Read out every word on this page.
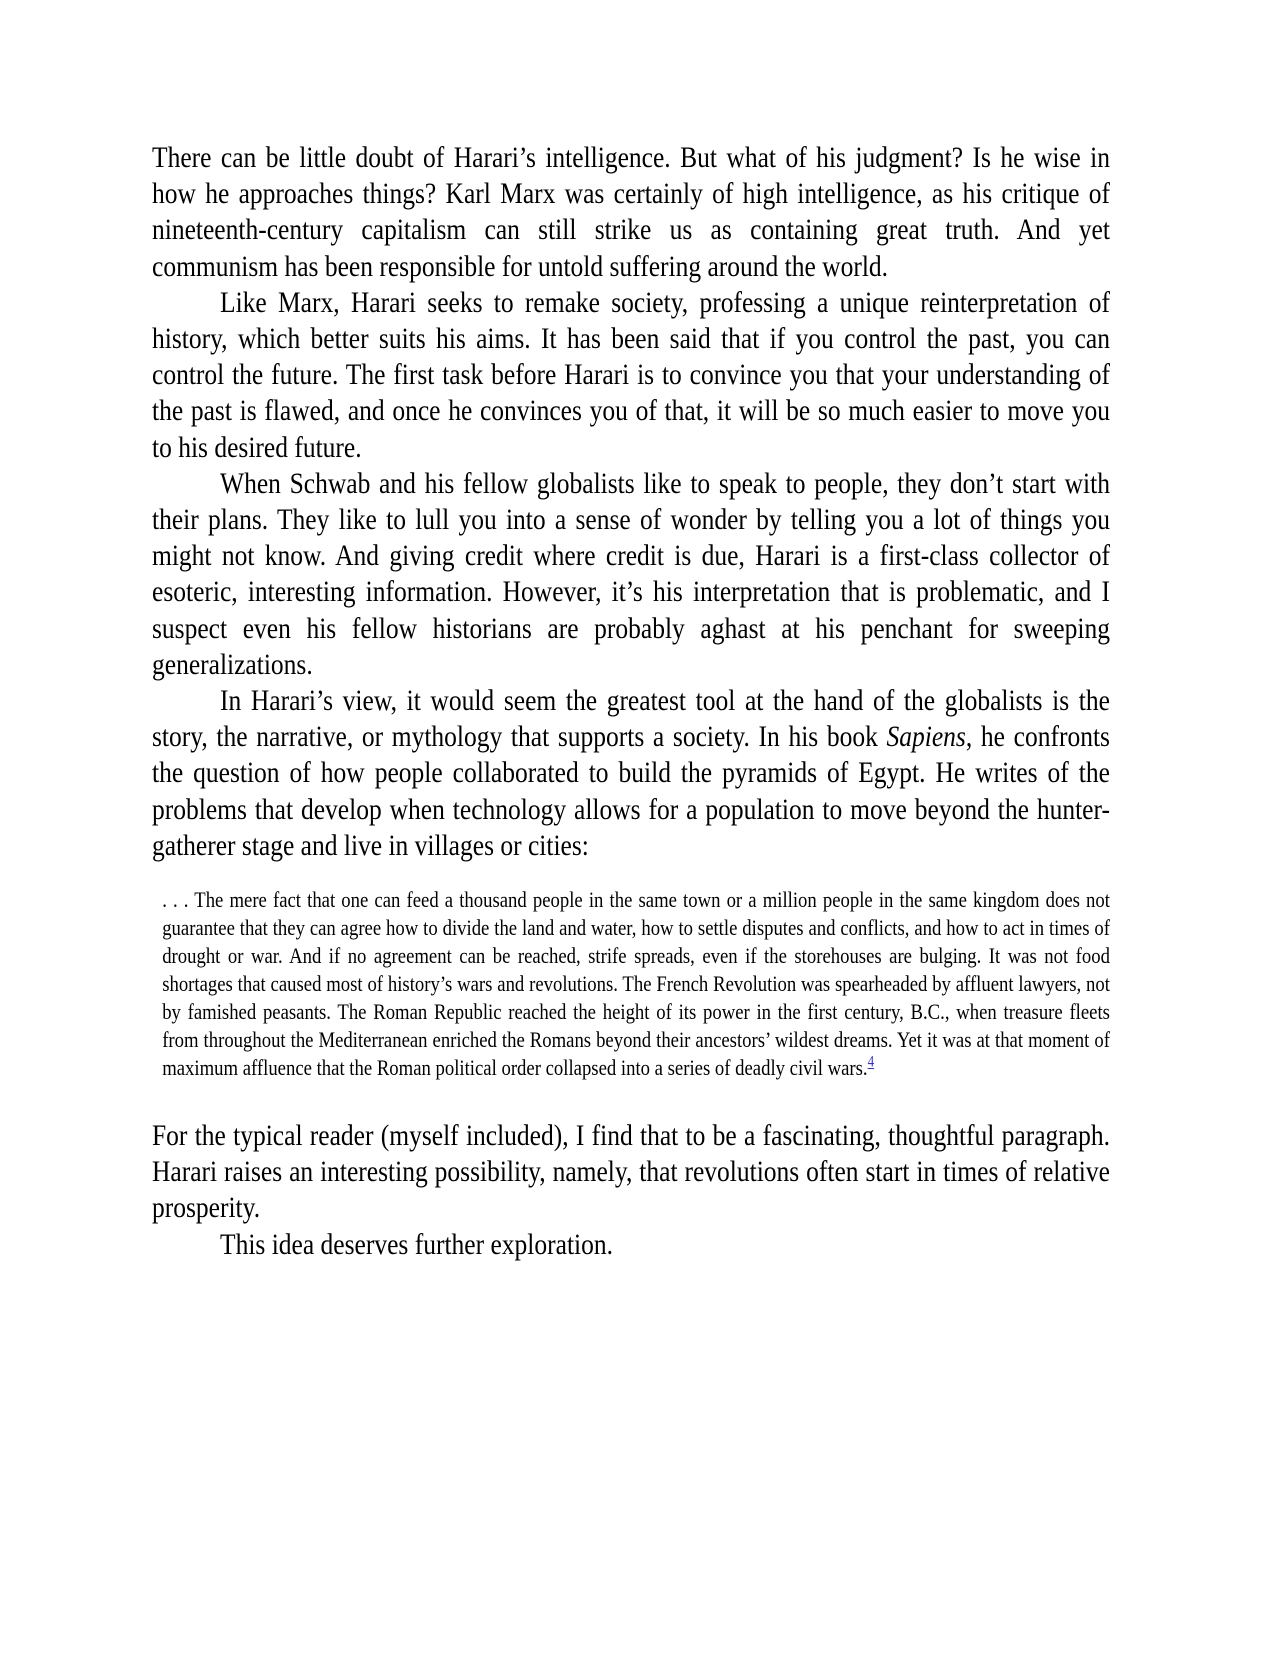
There can be little doubt of Harari’s intelligence. But what of his judgment? Is he wise in how he approaches things? Karl Marx was certainly of high intelligence, as his critique of nineteenth-century capitalism can still strike us as containing great truth. And yet communism has been responsible for untold suffering around the world.

Like Marx, Harari seeks to remake society, professing a unique reinterpretation of history, which better suits his aims. It has been said that if you control the past, you can control the future. The first task before Harari is to convince you that your understanding of the past is flawed, and once he convinces you of that, it will be so much easier to move you to his desired future.

When Schwab and his fellow globalists like to speak to people, they don’t start with their plans. They like to lull you into a sense of wonder by telling you a lot of things you might not know. And giving credit where credit is due, Harari is a first-class collector of esoteric, interesting information. However, it’s his interpretation that is problematic, and I suspect even his fellow historians are probably aghast at his penchant for sweeping generalizations.

In Harari’s view, it would seem the greatest tool at the hand of the globalists is the story, the narrative, or mythology that supports a society. In his book Sapiens, he confronts the question of how people collaborated to build the pyramids of Egypt. He writes of the problems that develop when technology allows for a population to move beyond the hunter-gatherer stage and live in villages or cities:

. . . The mere fact that one can feed a thousand people in the same town or a million people in the same kingdom does not guarantee that they can agree how to divide the land and water, how to settle disputes and conflicts, and how to act in times of drought or war. And if no agreement can be reached, strife spreads, even if the storehouses are bulging. It was not food shortages that caused most of history’s wars and revolutions. The French Revolution was spearheaded by affluent lawyers, not by famished peasants. The Roman Republic reached the height of its power in the first century, B.C., when treasure fleets from throughout the Mediterranean enriched the Romans beyond their ancestors’ wildest dreams. Yet it was at that moment of maximum affluence that the Roman political order collapsed into a series of deadly civil wars.$^4$

For the typical reader (myself included), I find that to be a fascinating, thoughtful paragraph. Harari raises an interesting possibility, namely, that revolutions often start in times of relative prosperity.

This idea deserves further exploration.
